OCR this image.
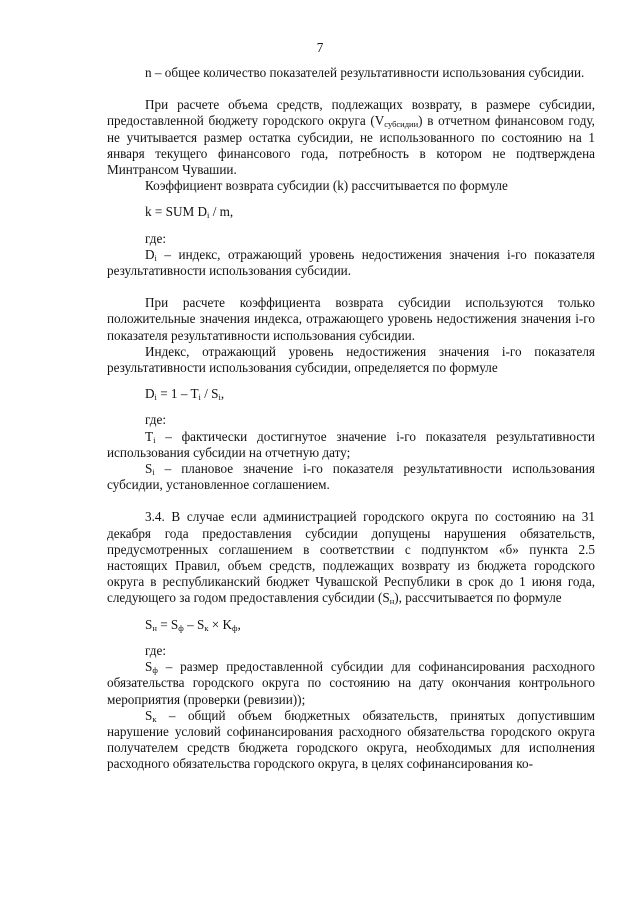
7

n – общее количество показателей результативности использования субсидии.

При расчете объема средств, подлежащих возврату, в размере субсидии, предоставленной бюджету городского округа $(V_{субсидии})$ в отчетном финансовом году, не учитывается размер остатка субсидии, не использованного по состоянию на 1 января текущего финансового года, потребность в котором не подтверждена Минтрансом Чувашии.

Коэффициент возврата субсидии (k) рассчитывается по формуле

k = SUM $D_i$ / m,

где:

$D_i$ – индекс, отражающий уровень недостижения значения i-го показателя результативности использования субсидии.

При расчете коэффициента возврата субсидии используются только положительные значения индекса, отражающего уровень недостижения значения i-го показателя результативности использования субсидии.

Индекс, отражающий уровень недостижения значения i-го показателя результативности использования субсидии, определяется по формуле

$D_i = 1 - T_i / S_i$,

где:

$T_i$ – фактически достигнутое значение i-го показателя результативности использования субсидии на отчетную дату;

$S_i$ – плановое значение i-го показателя результативности использования субсидии, установленное соглашением.

3.4. В случае если администрацией городского округа по состоянию на 31 декабря года предоставления субсидии допущены нарушения обязательств, предусмотренных соглашением в соответствии с подпунктом «б» пункта 2.5 настоящих Правил, объем средств, подлежащих возврату из бюджета городского округа в республиканский бюджет Чувашской Республики в срок до 1 июня года, следующего за годом предоставления субсидии $(S_н)$, рассчитывается по формуле

$S_н = S_ф - S_к \times K_ф$,

где:

$S_ф$ – размер предоставленной субсидии для софинансирования расходного обязательства городского округа по состоянию на дату окончания контрольного мероприятия (проверки (ревизии));

$S_к$ – общий объем бюджетных обязательств, принятых допустившим нарушение условий софинансирования расходного обязательства городского округа получателем средств бюджета городского округа, необходимых для исполнения расходного обязательства городского округа, в целях софинансирования ко-
